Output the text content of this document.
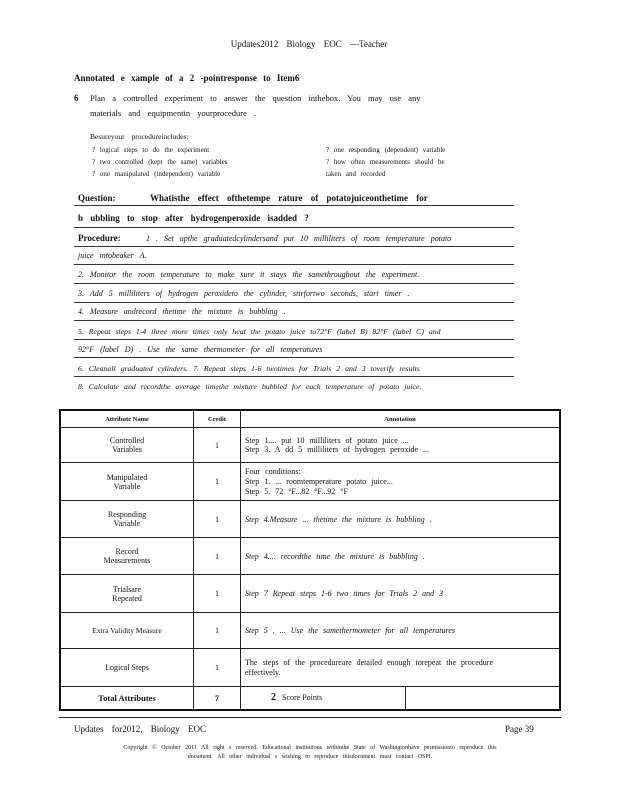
Updates2012 Biology EOC —Teacher
Annotated e xample of a 2 -pointresponse to Item6
6 Plan a controlled experiment to answer the question inthebox. You may use any
materials and equipmentin yourprocedure .
Besureyour procedureincludes:
? logical steps to do the experiment
? two controlled (kept the same) variables
? one manipulated (independent) variable
? one responding (dependent) variable
? how often measurements should be
taken and recorded
Question:	Whatisthe effect ofthetempe rature of potatojuiceonthetime for
b ubbling to stop after hydrogenperoxide isadded ?
Procedure:	1 . Set upthe graduatedcylindersand put 10 milliliters of room temperature potato
juice intobeaker A.
2. Monitor the room temperature to make sure it stays the samethroughout the experiment.
3. Add 5 milliliters of hydrogen peroxideto the cylinder, stirfortwo seconds, start timer .
4. Measure andrecord thetime the mixture is bubbling .
5. Repeat steps 1-4 three more times only heat the potato juice to72°F (label B) 82°F (label C) and
92°F (label D) . Use the same thermometer for all temperatures
6. Cleanall graduated cylinders. 7. Repeat steps 1-6 twotimes for Trials 2 and 3 toverify results
8. Calculate and recordthe average timethe mixture bubbled for each temperature of potato juice.
Attribute Name	Credit	Annotation
Controlled
Variables	1	Step 1.... put 10 milliliters of potato juice ...
Step 3. A dd 5 milliliters of hydrogen peroxide ...
Manipulated
Variable	1	Four conditions:
Step 1. ... roomtemperature potato juice...
Step 5. 72 °F...82 °F...92 °F
Responding
Variable	1	Step 4.Measure ... thetime the mixture is bubbling .
Record
Measurements	1	Step 4.... recordthe time the mixture is bubbling .
Trialsare
Repeated	1	Step 7 Repeat steps 1-6 two times for Trials 2 and 3
Extra Validity Measure	1	Step 5 . ... Use the samethermometer for all temperatures
Logical Steps	1	The steps of the procedureare detailed enough torepeat the procedure
effectively.
Total Attributes	7	2 Score Points
Updates for2012, Biology EOC	Page 39
Copyright © October 2011 All right s reserved. Educational institutions withinthe State of Washingtonhave permissionto reproduce this
document. All other individual s wishing to reproduce thisdocument must contact OSPI.
